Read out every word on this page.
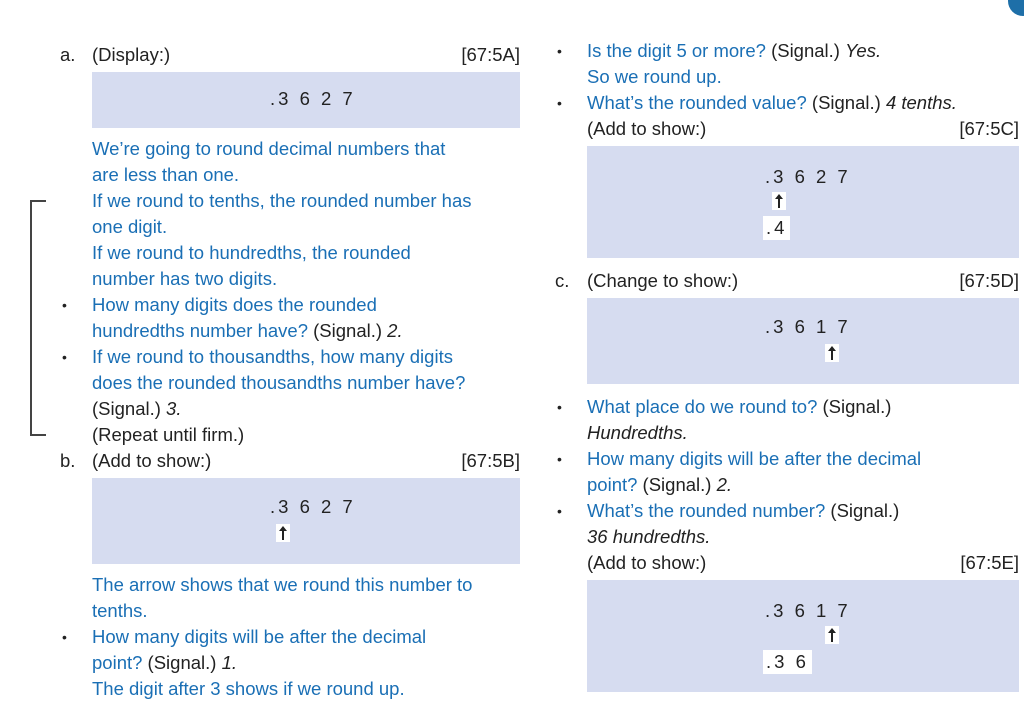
a. (Display:)	[67:5A]
.3 6 2 7
We’re going to round decimal numbers that
are less than one.
If we round to tenths, the rounded number has
one digit.
If we round to hundredths, the rounded
number has two digits.
• How many digits does the rounded
hundredths number have? (Signal.) 2.
• If we round to thousandths, how many digits
does the rounded thousandths number have?
(Signal.) 3.
(Repeat until firm.)
b. (Add to show:)	[67:5B]
.3 6 2 7
The arrow shows that we round this number to
tenths.
• How many digits will be after the decimal
point? (Signal.) 1.
The digit after 3 shows if we round up.
• Is the digit 5 or more? (Signal.) Yes.
So we round up.
• What’s the rounded value? (Signal.) 4 tenths.
(Add to show:)	[67:5C]
.3 6 2 7
.4
c. (Change to show:)	[67:5D]
.3 6 1 7
• What place do we round to? (Signal.)
Hundredths.
• How many digits will be after the decimal
point? (Signal.) 2.
• What’s the rounded number? (Signal.)
36 hundredths.
(Add to show:)	[67:5E]
.3 6 1 7
.3 6
